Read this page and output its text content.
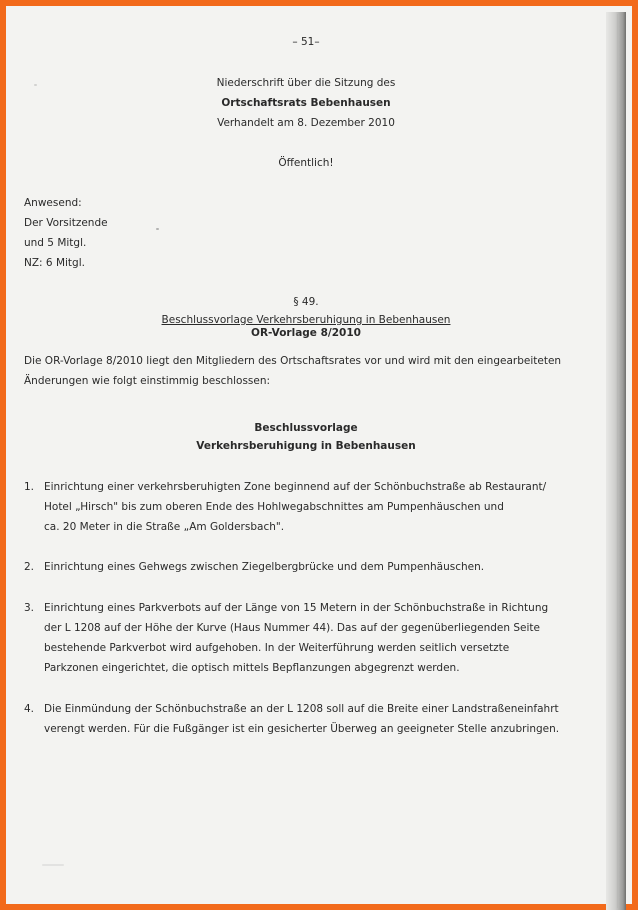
– 51–
Niederschrift über die Sitzung des
Ortschaftsrats Bebenhausen
Verhandelt am 8. Dezember 2010
Öffentlich!
Anwesend:
Der Vorsitzende
und 5 Mitgl.
NZ: 6 Mitgl.
§ 49.
Beschlussvorlage Verkehrsberuhigung in Bebenhausen
OR-Vorlage 8/2010
Die OR-Vorlage 8/2010 liegt den Mitgliedern des Ortschaftsrates vor und wird mit den eingearbeiteten
Änderungen wie folgt einstimmig beschlossen:
Beschlussvorlage
Verkehrsberuhigung in Bebenhausen
1. Einrichtung einer verkehrsberuhigten Zone beginnend auf der Schönbuchstraße ab Restaurant/
Hotel „Hirsch" bis zum oberen Ende des Hohlwegabschnittes am Pumpenhäuschen und
ca. 20 Meter in die Straße „Am Goldersbach".
2. Einrichtung eines Gehwegs zwischen Ziegelbergbrücke und dem Pumpenhäuschen.
3. Einrichtung eines Parkverbots auf der Länge von 15 Metern in der Schönbuchstraße in Richtung
der L 1208 auf der Höhe der Kurve (Haus Nummer 44). Das auf der gegenüberliegenden Seite
bestehende Parkverbot wird aufgehoben. In der Weiterführung werden seitlich versetzte
Parkzonen eingerichtet, die optisch mittels Bepflanzungen abgegrenzt werden.
4. Die Einmündung der Schönbuchstraße an der L 1208 soll auf die Breite einer Landstraßeneinfahrt
verengt werden. Für die Fußgänger ist ein gesicherter Überweg an geeigneter Stelle anzubringen.
